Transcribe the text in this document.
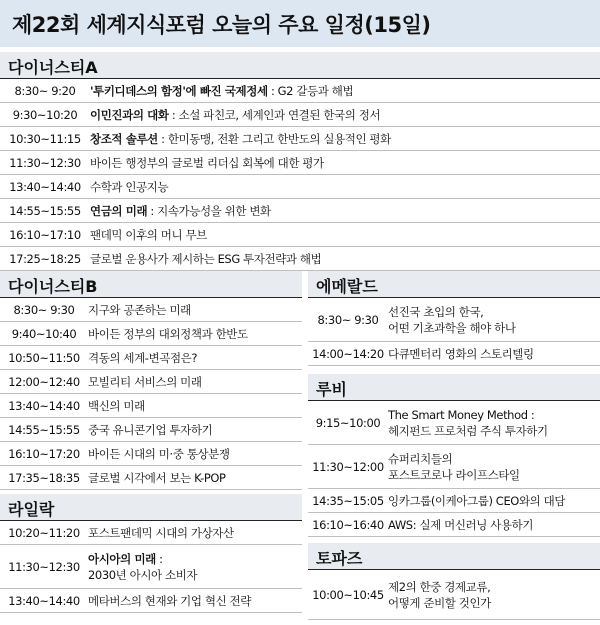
제22회 세계지식포럼 오늘의 주요 일정(15일)
다이너스티A
8:30~ 9:20	'투키디데스의 함정'에 빠진 국제정세 : G2 갈등과 해법
9:30~10:20	이민진과의 대화 : 소설 파친코, 세계인과 연결된 한국의 정서
10:30~11:15 창조적 솔루션 : 한미동맹, 전환 그리고 한반도의 실용적인 평화
11:30~12:30 바이든 행정부의 글로벌 리더십 회복에 대한 평가
13:40~14:40 수학과 인공지능
14:55~15:55 연금의 미래 : 지속가능성을 위한 변화
16:10~17:10 팬데믹 이후의 머니 무브
17:25~18:25 글로벌 운용사가 제시하는 ESG 투자전략과 해법
다이너스티B
8:30~ 9:30	지구와 공존하는 미래
9:40~10:40	바이든 정부의 대외정책과 한반도
10:50~11:50 격동의 세계-변곡점은?
12:00~12:40 모빌리티 서비스의 미래
13:40~14:40 백신의 미래
14:55~15:55 중국 유니콘기업 투자하기
16:10~17:20 바이든 시대의 미·중 통상분쟁
17:35~18:35 글로벌 시각에서 보는 K-POP
라일락
10:20~11:20 포스트팬데믹 시대의 가상자산
11:30~12:30
아시아의 미래 :
2030년 아시아 소비자
13:40~14:40 메타버스의 현재와 기업 혁신 전략
에메랄드
8:30~ 9:30
선진국 초입의 한국,
어떤 기초과학을 해야 하나
14:00~14:20 다큐멘터리 영화의 스토리텔링
루비
9:15~10:00
The Smart Money Method :
헤지펀드 프로처럼 주식 투자하기
11:30~12:00
슈퍼리치들의
포스트코로나 라이프스타일
14:35~15:05 잉카그룹(이케아그룹) CEO와의 대담
16:10~16:40 AWS: 실제 머신러닝 사용하기
토파즈
10:00~10:45
제2의 한중 경제교류,
어떻게 준비할 것인가
